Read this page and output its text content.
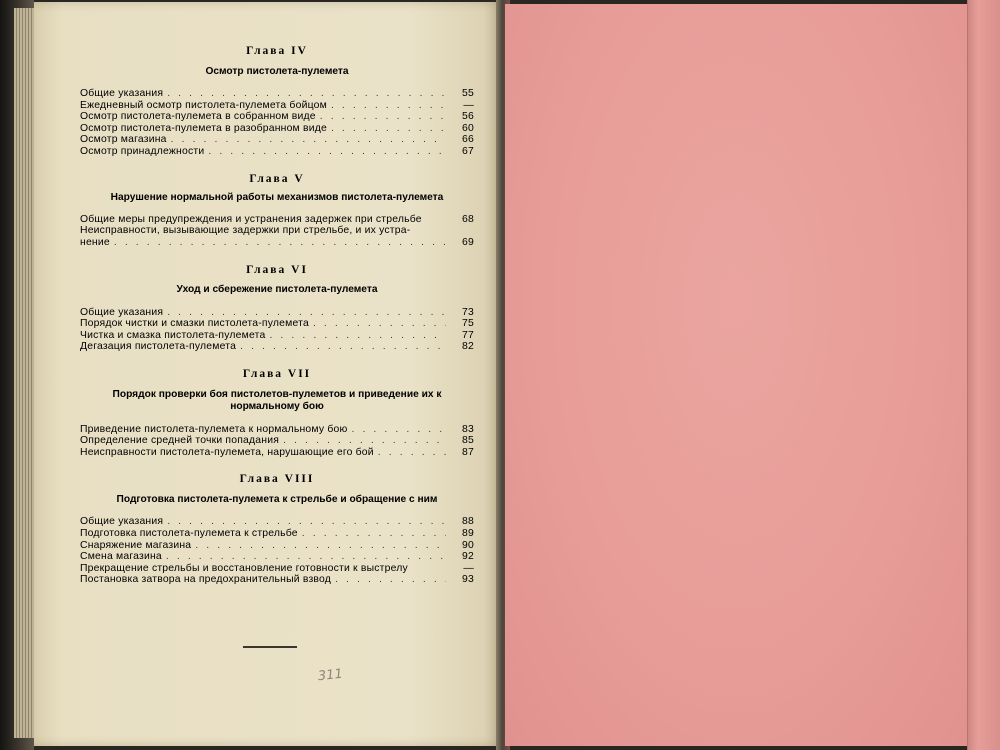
Глава IV

Осмотр пистолета-пулемета

Общие указания . . .	55
Ежедневный осмотр пистолета-пулемета бойцом . . .	—
Осмотр пистолета-пулемета в собранном виде . . .	56
Осмотр пистолета-пулемета в разобранном виде . . .	60
Осмотр магазина . . .	66
Осмотр принадлежности . . .	67

Глава V

Нарушение нормальной работы механизмов пистолета-пулемета

Общие меры предупреждения и устранения задержек при стрельбе	68
Неисправности, вызывающие задержки при стрельбе, и их устра-
нение . . .	69

Глава VI

Уход и сбережение пистолета-пулемета

Общие указания . . .	73
Порядок чистки и смазки пистолета-пулемета . . .	75
Чистка и смазка пистолета-пулемета . . .	77
Дегазация пистолета-пулемета . . .	82

Глава VII

Порядок проверки боя пистолетов-пулеметов и приведение их к нормальному бою

Приведение пистолета-пулемета к нормальному бою . . .	83
Определение средней точки попадания . . .	85
Неисправности пистолета-пулемета, нарушающие его бой . . .	87

Глава VIII

Подготовка пистолета-пулемета к стрельбе и обращение с ним

Общие указания . . .	88
Подготовка пистолета-пулемета к стрельбе . . .	89
Снаряжение магазина . . .	90
Смена магазина . . .	92
Прекращение стрельбы и восстановление готовности к выстрелу	—
Постановка затвора на предохранительный взвод . . .	93
311
